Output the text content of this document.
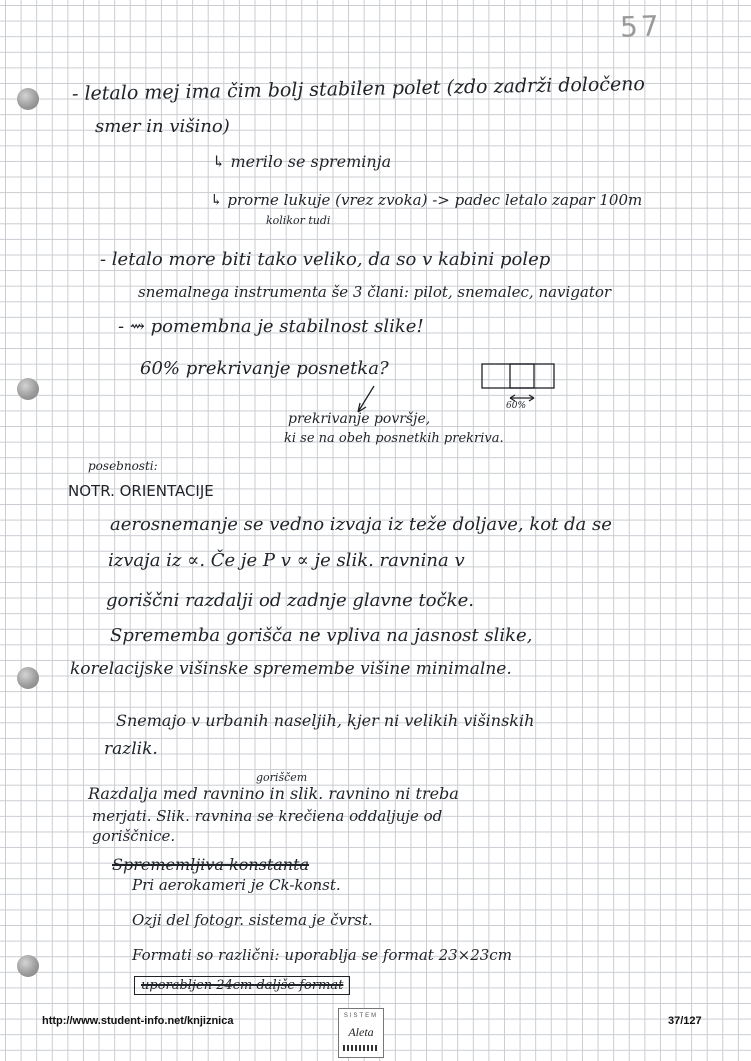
57
- letalo mej ima čim bolj stabilen polet (zdo zadrži določeno
smer in višino)
↳ merilo se spreminja
↳ prorne lukuje (vrez zvoka) -> padec letalo zapar 100m
kolikor tudi
- letalo more biti tako veliko, da so v kabini polep
snemalnega instrumenta še 3 člani: pilot, snemalec, navigator
- ⇝ pomembna je stabilnost slike!
60% prekrivanje posnetka?
60%
prekrivanje površje,
ki se na obeh posnetkih prekriva.
posebnosti:
NOTR. ORIENTACIJE
aerosnemanje se vedno izvaja iz teže doljave, kot da se
izvaja iz ∝. Če je P v ∝ je slik. ravnina v
goriščni razdalji od zadnje glavne točke.
Sprememba gorišča ne vpliva na jasnost slike,
korelacijske višinske spremembe višine minimalne.
Snemajo v urbanih naseljih, kjer ni velikih višinskih
razlik.
goriščem
Razdalja med ravnino in slik. ravnino ni treba
merjati. Slik. ravnina se krečiena oddaljuje od
goriščnice.
Sprememljiva konstanta
Pri aerokameri je Ck-konst.
Ozji del fotogr. sistema je čvrst.
Formati so različni: uporablja se format 23×23cm
uporabljen 24cm daljše format
http://www.student-info.net/knjiznica	SISTEM
Aleta
37/127
